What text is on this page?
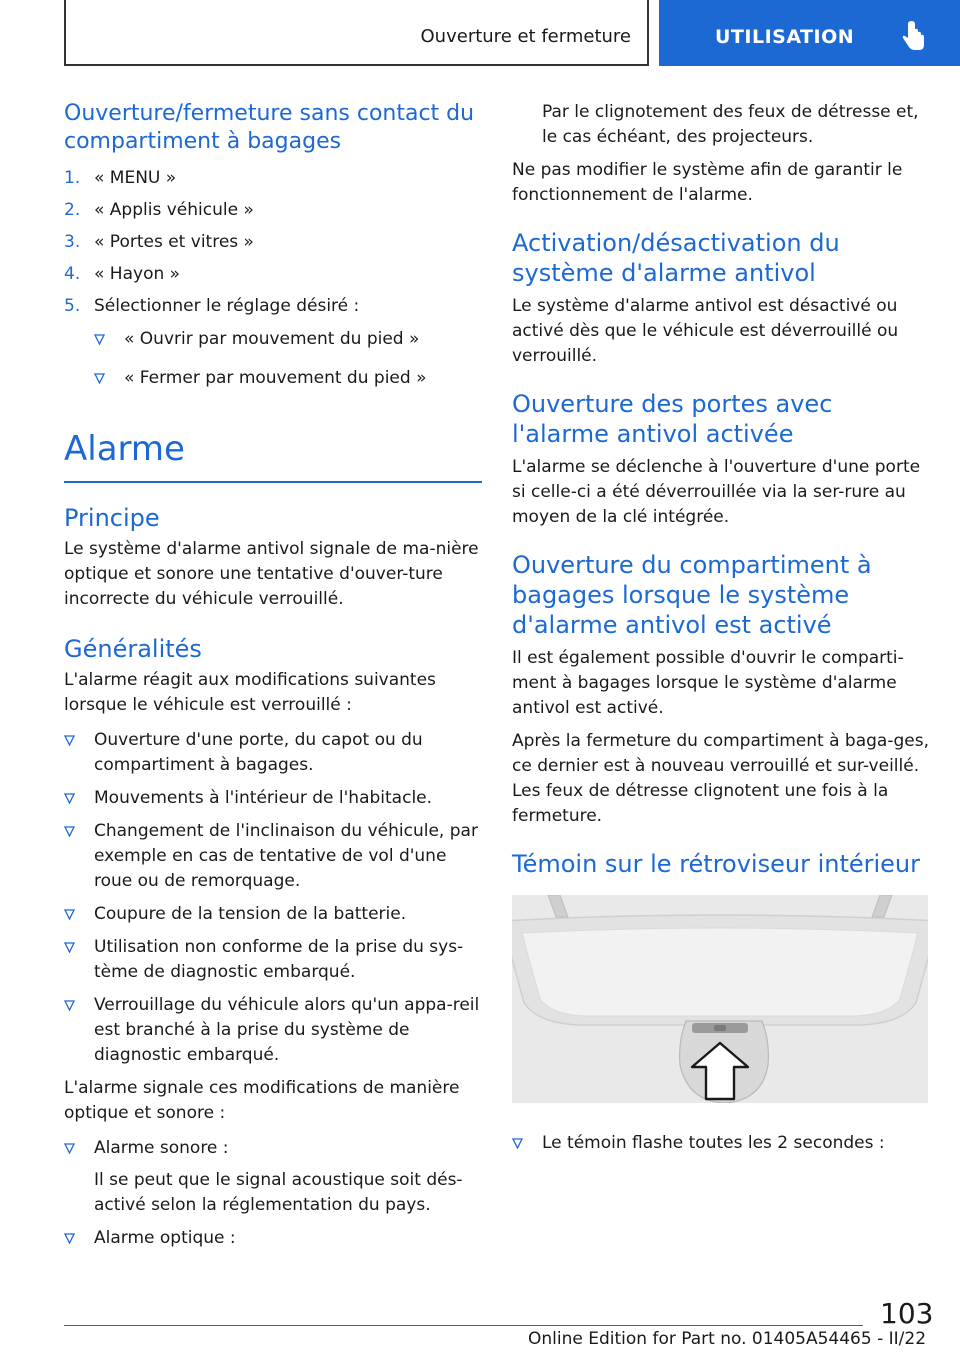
Ouverture et fermeture	UTILISATION
Ouverture/fermeture sans contact du compartiment à bagages
1. « MENU »
2. « Applis véhicule »
3. « Portes et vitres »
4. « Hayon »
5. Sélectionner le réglage désiré :
« Ouvrir par mouvement du pied »
« Fermer par mouvement du pied »
Alarme
Principe

Le système d'alarme antivol signale de ma-nière optique et sonore une tentative d'ouver-ture incorrecte du véhicule verrouillé.

Généralités

L'alarme réagit aux modifications suivantes lorsque le véhicule est verrouillé :

Ouverture d'une porte, du capot ou du compartiment à bagages.
Mouvements à l'intérieur de l'habitacle.
Changement de l'inclinaison du véhicule, par exemple en cas de tentative de vol d'une roue ou de remorquage.
Coupure de la tension de la batterie.
Utilisation non conforme de la prise du sys-tème de diagnostic embarqué.
Verrouillage du véhicule alors qu'un appa-reil est branché à la prise du système de diagnostic embarqué.

L'alarme signale ces modifications de manière optique et sonore :

Alarme sonore :
Il se peut que le signal acoustique soit dés-activé selon la réglementation du pays.
Alarme optique :

Par le clignotement des feux de détresse et, le cas échéant, des projecteurs.

Ne pas modifier le système afin de garantir le fonctionnement de l'alarme.

Activation/désactivation du système d'alarme antivol

Le système d'alarme antivol est désactivé ou activé dès que le véhicule est déverrouillé ou verrouillé.

Ouverture des portes avec l'alarme antivol activée

L'alarme se déclenche à l'ouverture d'une porte si celle-ci a été déverrouillée via la ser-rure au moyen de la clé intégrée.

Ouverture du compartiment à bagages lorsque le système d'alarme antivol est activé

Il est également possible d'ouvrir le comparti-ment à bagages lorsque le système d'alarme antivol est activé.

Après la fermeture du compartiment à baga-ges, ce dernier est à nouveau verrouillé et sur-veillé. Les feux de détresse clignotent une fois à la fermeture.

Témoin sur le rétroviseur intérieur
Le témoin flashe toutes les 2 secondes :
103
Online Edition for Part no. 01405A54465 - II/22
